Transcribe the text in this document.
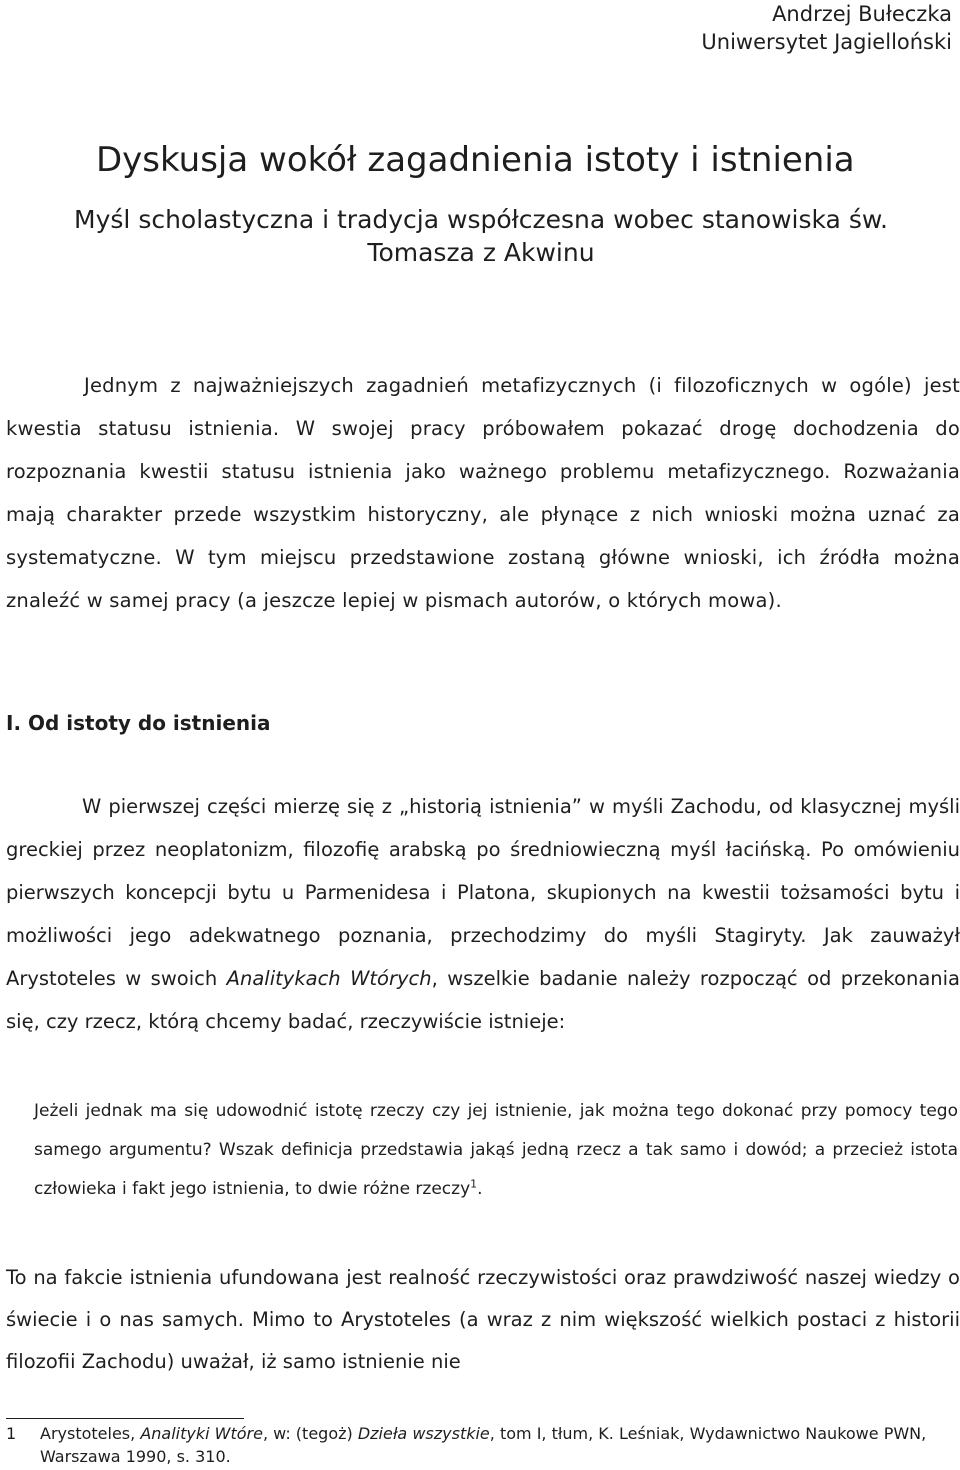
Andrzej Bułeczka
Uniwersytet Jagielloński
Dyskusja wokół zagadnienia istoty i istnienia
Myśl scholastyczna i tradycja współczesna wobec stanowiska św. Tomasza z Akwinu
Jednym z najważniejszych zagadnień metafizycznych (i filozoficznych w ogóle) jest kwestia statusu istnienia. W swojej pracy próbowałem pokazać drogę dochodzenia do rozpoznania kwestii statusu istnienia jako ważnego problemu metafizycznego. Rozważania mają charakter przede wszystkim historyczny, ale płynące z nich wnioski można uznać za systematyczne. W tym miejscu przedstawione zostaną główne wnioski, ich źródła można znaleźć w samej pracy (a jeszcze lepiej w pismach autorów, o których mowa).
I. Od istoty do istnienia
W pierwszej części mierzę się z „historią istnienia” w myśli Zachodu, od klasycznej myśli greckiej przez neoplatonizm, filozofię arabską po średniowieczną myśl łacińską. Po omówieniu pierwszych koncepcji bytu u Parmenidesa i Platona, skupionych na kwestii tożsamości bytu i możliwości jego adekwatnego poznania, przechodzimy do myśli Stagiryty. Jak zauważył Arystoteles w swoich Analitykach Wtórych, wszelkie badanie należy rozpocząć od przekonania się, czy rzecz, którą chcemy badać, rzeczywiście istnieje:
Jeżeli jednak ma się udowodnić istotę rzeczy czy jej istnienie, jak można tego dokonać przy pomocy tego samego argumentu? Wszak definicja przedstawia jakąś jedną rzecz a tak samo i dowód; a przecież istota człowieka i fakt jego istnienia, to dwie różne rzeczy$^1$.
To na fakcie istnienia ufundowana jest realność rzeczywistości oraz prawdziwość naszej wiedzy o świecie i o nas samych. Mimo to Arystoteles (a wraz z nim większość wielkich postaci z historii filozofii Zachodu) uważał, iż samo istnienie nie
1 Arystoteles, Analityki Wtóre, w: (tegoż) Dzieła wszystkie, tom I, tłum, K. Leśniak, Wydawnictwo Naukowe PWN, Warszawa 1990, s. 310.
